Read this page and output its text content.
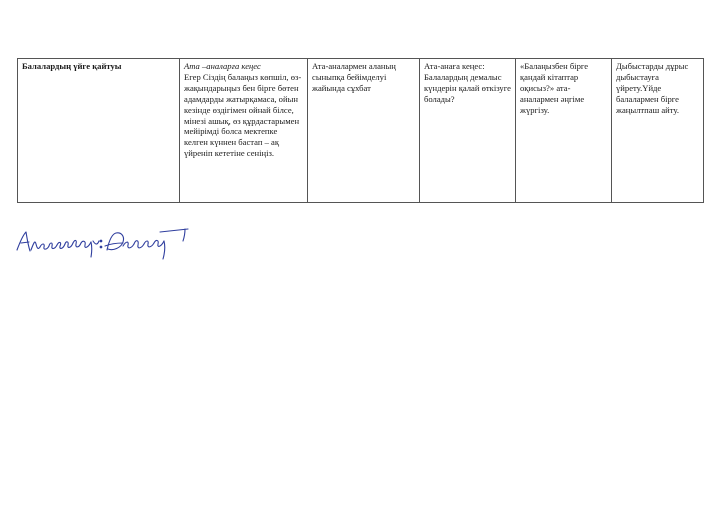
Балалардың үйге қайтуы	Ата –аналарға кеңес
Егер Сіздің балаңыз көпшіл, өз-жақындарыңыз бен бірге бөтен адамдарды жатырқамаса, ойын кезінде өздігімен ойнай білсе, мінезі ашық, өз құрдастарымен мейірімді болса мектепке келген күннен бастап – ақ үйреніп кететіне сеніңіз.	Ата-аналармен аланың сыныпқа бейімделуі жайында сұхбат	Ата-анаға кеңес: Балалардың демалыс күндерін қалай өткізуге болады?	«Балаңызбен бірге қандай кітаптар оқисыз?» ата-аналармен әңгіме жүргізу.	Дыбыстарды дұрыс дыбыстауға үйрету.Үйде балалармен бірге жаңылтпаш айту.
